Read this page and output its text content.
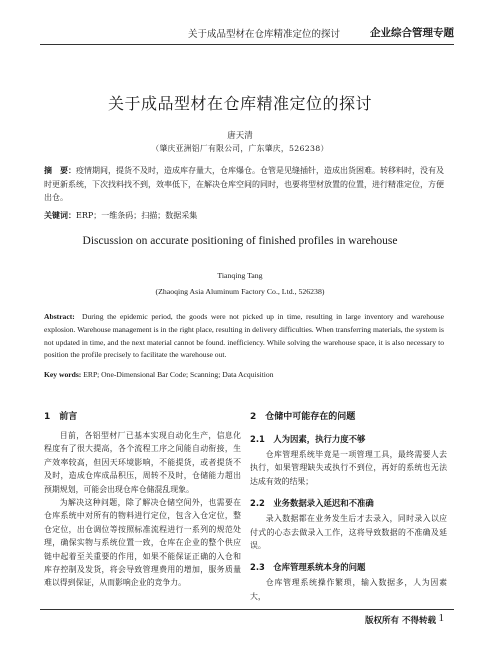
关于成品型材在仓库精准定位的探讨	企业综合管理专题
关于成品型材在仓库精准定位的探讨
唐天清
（肇庆亚洲铝厂有限公司，广东肇庆，526238）
摘　要：疫情期间，提货不及时，造成库存量大，仓库爆仓。仓管是见缝插针，造成出货困难。转移料时，没有及时更新系统，下次找料找不到，效率低下，在解决仓库空间的同时，也要将型材放置的位置，进行精准定位，方便出仓。
关键词：ERP；一维条码；扫描；数据采集
Discussion on accurate positioning of finished profiles in warehouse
Tianqing Tang
(Zhaoqing Asia Aluminum Factory Co., Ltd., 526238)
Abstract: During the epidemic period, the goods were not picked up in time, resulting in large inventory and warehouse explosion. Warehouse management is in the right place, resulting in delivery difficulties. When transferring materials, the system is not updated in time, and the next material cannot be found. inefficiency. While solving the warehouse space, it is also necessary to position the profile precisely to facilitate the warehouse out.
Key words: ERP; One-Dimensional Bar Code; Scanning; Data Acquisition
1　前言

目前，各铝型材厂已基本实现自动化生产，信息化程度有了很大提高，各个流程工序之间能自动衔接，生产效率较高，但因天环境影响，不能提货，或者提货不及时，造成仓库成品积压，周转不及时，仓储能力超出预期规划，可能会出现仓库仓储混乱现象。

为解决这种问题，除了解决仓储空间外，也需要在仓库系统中对所有的物料进行定位，包含入仓定位，整仓定位，出仓调位等按照标准流程进行一系列的规范处理，确保实物与系统位置一致，仓库在企业的整个供应链中起着至关重要的作用，如果不能保证正确的入仓和库存控制及发货，将会导致管理费用的增加，服务质量难以得到保证，从而影响企业的竞争力。

2　仓储中可能存在的问题
2.1　人为因素，执行力度不够

仓库管理系统毕竟是一项管理工具，最终需要人去执行，如果管理缺失或执行不到位，再好的系统也无法达成有效的结果；

2.2　业务数据录入延迟和不准确

录入数据都在业务发生后才去录入，同时录入以应付式的心态去做录入工作，这将导致数据的不准确及延误。

2.3　仓库管理系统本身的问题

仓库管理系统操作繁琐，输入数据多，人为因素大，

版权所有 不得转载 1
